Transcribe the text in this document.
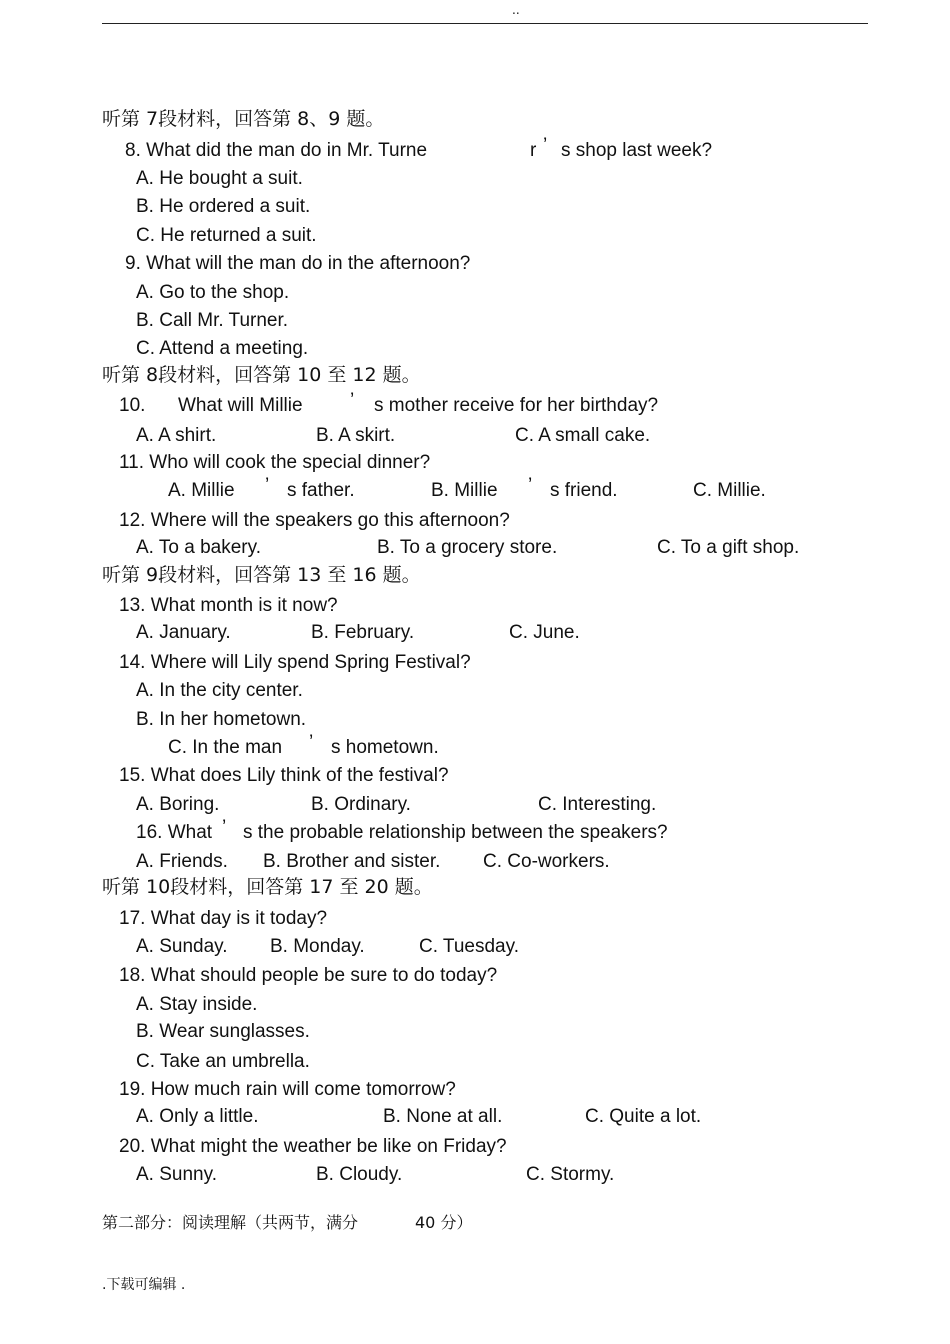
..
听第 7段材料，回答第 8、9 题。
8. What did the man do in Mr. Turne	r ’ s shop last week?
A. He bought a suit.
B. He ordered a suit.
C. He returned a suit.
9. What will the man do in the afternoon?
A. Go to the shop.
B. Call Mr. Turner.
C. Attend a meeting.
听第 8段材料，回答第 10 至 12 题。
10. What will Millie ’ s mother receive for her birthday?
A. A shirt.	B. A skirt.	C. A small cake.
11. Who will cook the special dinner?
A. Millie ’ s father.	B. Millie ’ s friend.	C. Millie.
12. Where will the speakers go this afternoon?
A. To a bakery.	B. To a grocery store.	C. To a gift shop.
听第 9段材料，回答第 13 至 16 题。
13. What month is it now?
A. January.	B. February.	C. June.
14. Where will Lily spend Spring Festival?
A. In the city center.
B. In her hometown.
C. In the man ’ s hometown.
15. What does Lily think of the festival?
A. Boring.	B. Ordinary.	C. Interesting.
16. What ’ s the probable relationship between the speakers?
A. Friends. B. Brother and sister. C. Co-workers.
听第 10段材料，回答第 17 至 20 题。
17. What day is it today?
A. Sunday. B. Monday.	C. Tuesday.
18. What should people be sure to do today?
A. Stay inside.
B. Wear sunglasses.
C. Take an umbrella.
19. How much rain will come tomorrow?
A. Only a little.	B. None at all.	C. Quite a lot.
20. What might the weather be like on Friday?
A. Sunny.	B. Cloudy.	C. Stormy.
第二部分：阅读理解（共两节，满分	40 分）
.下载可编辑 .
